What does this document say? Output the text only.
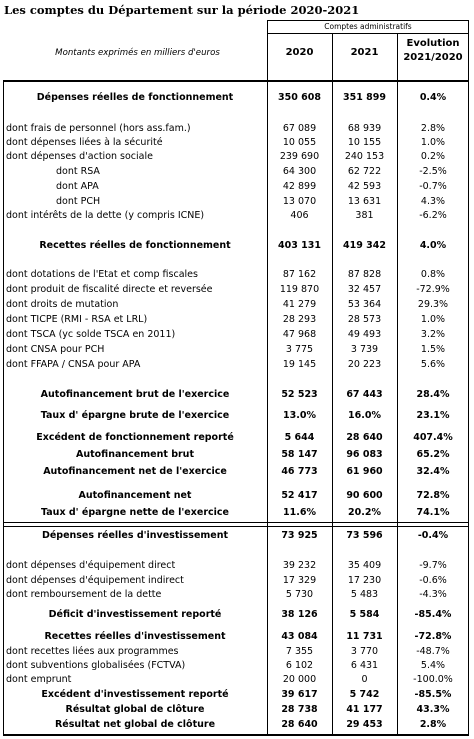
Les comptes du Département sur la période 2020-2021
Comptes administratifs
Montants exprimés en milliers d'euros	2020	2021
Evolution
2021/2020
Dépenses réelles de fonctionnement	350 608	351 899	0.4%
dont frais de personnel (hors ass.fam.)	67 089	68 939	2.8%
dont dépenses liées à la sécurité	10 055	10 155	1.0%
dont dépenses d'action sociale	239 690	240 153	0.2%
dont RSA	64 300	62 722	-2.5%
dont APA	42 899	42 593	-0.7%
dont PCH	13 070	13 631	4.3%
dont intérêts de la dette (y compris ICNE)	406	381	-6.2%
Recettes réelles de fonctionnement	403 131	419 342	4.0%
dont dotations de l'Etat et comp fiscales	87 162	87 828	0.8%
dont produit de fiscalité directe et reversée	119 870	32 457	-72.9%
dont droits de mutation	41 279	53 364	29.3%
dont TICPE (RMI - RSA et LRL)	28 293	28 573	1.0%
dont TSCA (yc solde TSCA en 2011)	47 968	49 493	3.2%
dont CNSA pour PCH	3 775	3 739	1.5%
dont FFAPA / CNSA pour APA	19 145	20 223	5.6%
Autofinancement brut de l'exercice	52 523	67 443	28.4%
Taux d' épargne brute de l'exercice	13.0%	16.0%	23.1%
Excédent de fonctionnement reporté	5 644	28 640	407.4%
Autofinancement brut	58 147	96 083	65.2%
Autofinancement net de l'exercice	46 773	61 960	32.4%
Autofinancement net	52 417	90 600	72.8%
Taux d' épargne nette de l'exercice	11.6%	20.2%	74.1%
Dépenses réelles d'investissement	73 925	73 596	-0.4%
dont dépenses d'équipement direct	39 232	35 409	-9.7%
dont dépenses d'équipement indirect	17 329	17 230	-0.6%
dont remboursement de la dette	5 730	5 483	-4.3%
Déficit d'investissement reporté	38 126	5 584	-85.4%
Recettes réelles d'investissement	43 084	11 731	-72.8%
dont recettes liées aux programmes	7 355	3 770	-48.7%
dont subventions globalisées (FCTVA)	6 102	6 431	5.4%
dont emprunt	20 000	0	-100.0%
Excédent d'investissement reporté	39 617	5 742	-85.5%
Résultat global de clôture	28 738	41 177	43.3%
Résultat net global de clôture	28 640	29 453	2.8%
